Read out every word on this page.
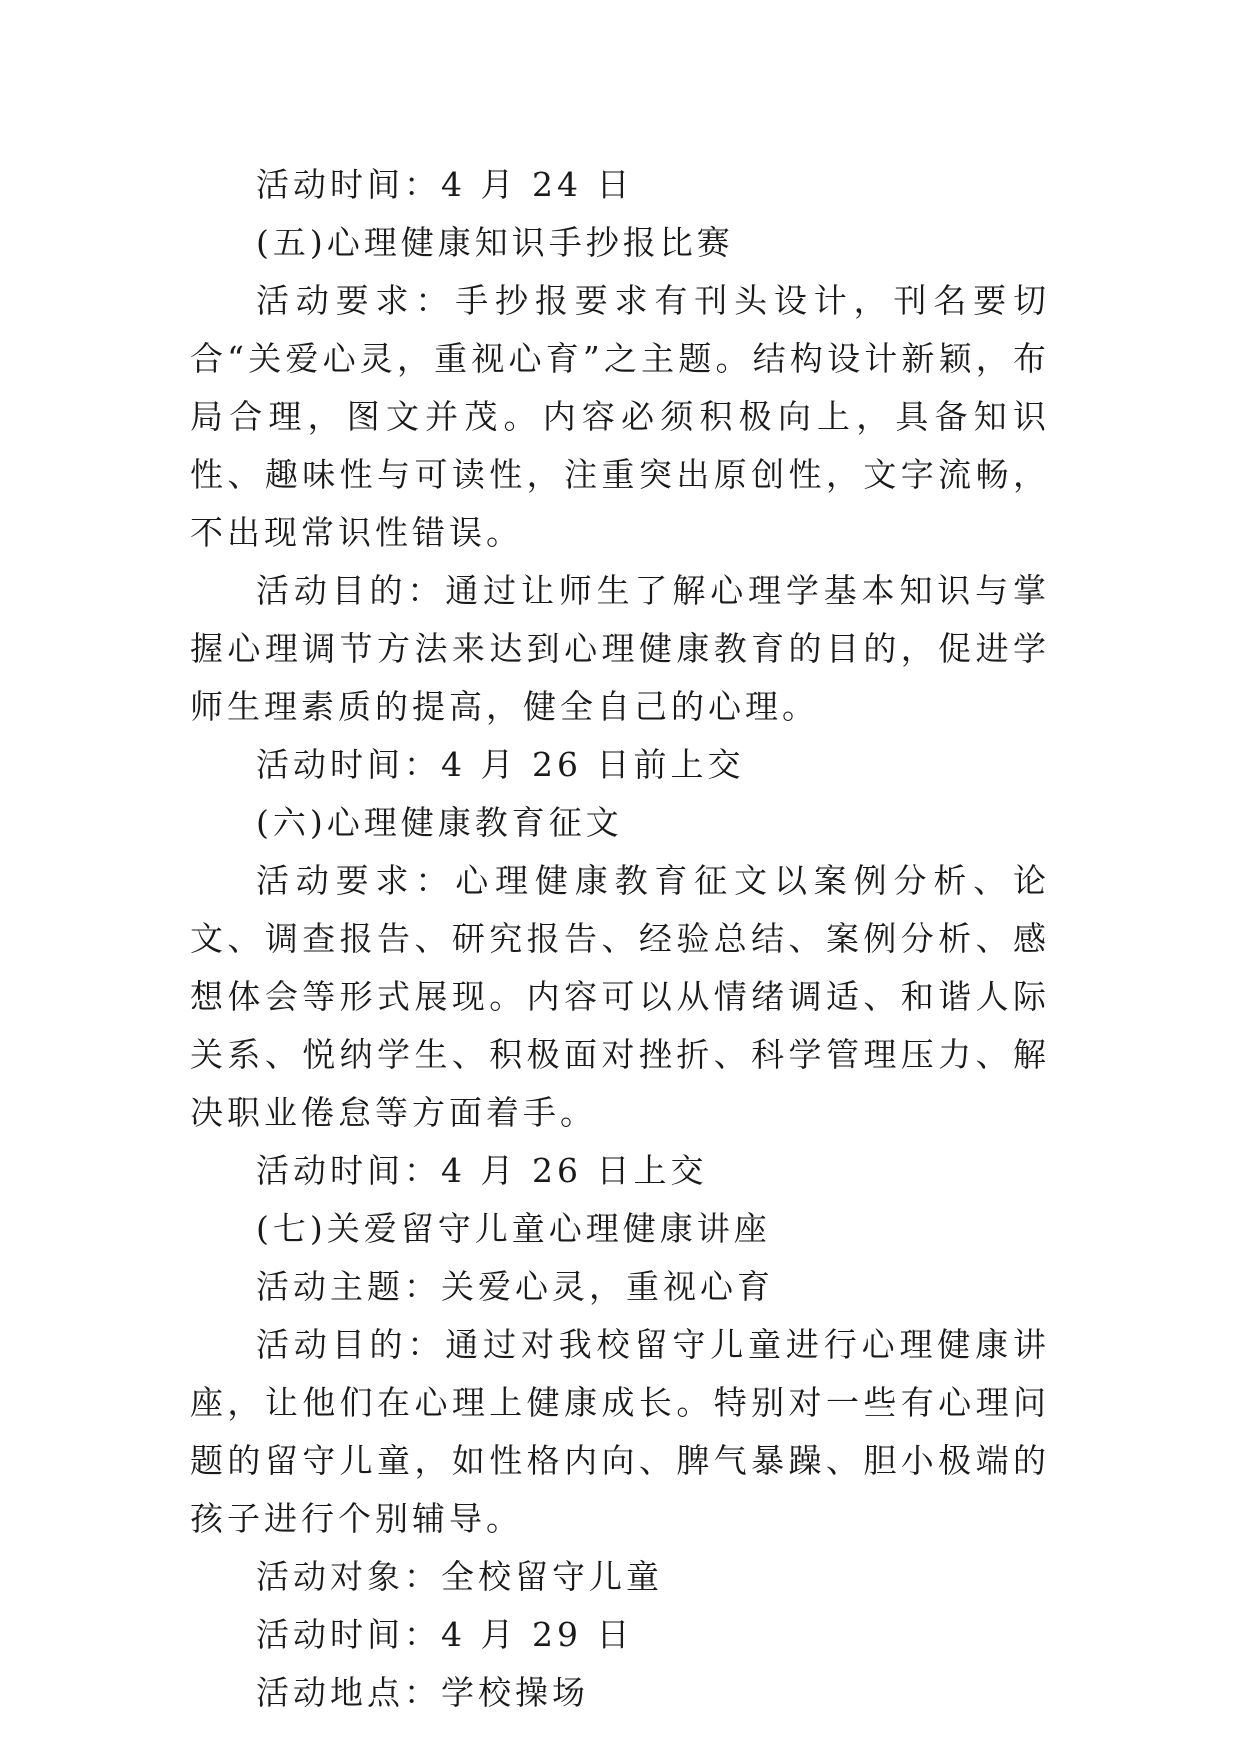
活动时间：4 月 24 日

(五)心理健康知识手抄报比赛

活动要求：手抄报要求有刊头设计，刊名要切合“关爱心灵，重视心育”之主题。结构设计新颖，布局合理，图文并茂。内容必须积极向上，具备知识性、趣味性与可读性，注重突出原创性，文字流畅，不出现常识性错误。

活动目的：通过让师生了解心理学基本知识与掌握心理调节方法来达到心理健康教育的目的，促进学师生理素质的提高，健全自己的心理。

活动时间：4 月 26 日前上交

(六)心理健康教育征文

活动要求：心理健康教育征文以案例分析、论文、调查报告、研究报告、经验总结、案例分析、感想体会等形式展现。内容可以从情绪调适、和谐人际关系、悦纳学生、积极面对挫折、科学管理压力、解决职业倦怠等方面着手。

活动时间：4 月 26 日上交

(七)关爱留守儿童心理健康讲座

活动主题：关爱心灵，重视心育

活动目的：通过对我校留守儿童进行心理健康讲座，让他们在心理上健康成长。特别对一些有心理问题的留守儿童，如性格内向、脾气暴躁、胆小极端的孩子进行个别辅导。

活动对象：全校留守儿童

活动时间：4 月 29 日

活动地点：学校操场
